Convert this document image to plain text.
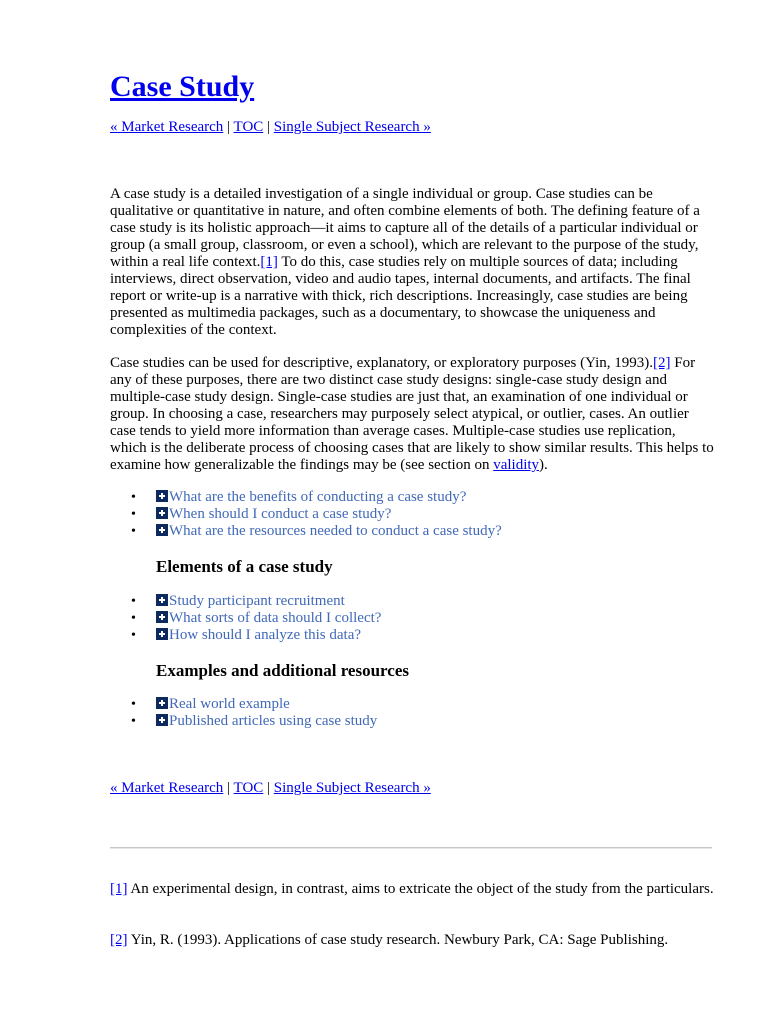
Case Study
« Market Research | TOC | Single Subject Research »

A case study is a detailed investigation of a single individual or group. Case studies can be qualitative or quantitative in nature, and often combine elements of both. The defining feature of a case study is its holistic approach—it aims to capture all of the details of a particular individual or group (a small group, classroom, or even a school), which are relevant to the purpose of the study, within a real life context.[1] To do this, case studies rely on multiple sources of data; including interviews, direct observation, video and audio tapes, internal documents, and artifacts. The final report or write-up is a narrative with thick, rich descriptions. Increasingly, case studies are being presented as multimedia packages, such as a documentary, to showcase the uniqueness and complexities of the context.

Case studies can be used for descriptive, explanatory, or exploratory purposes (Yin, 1993).[2] For any of these purposes, there are two distinct case study designs: single-case study design and multiple-case study design. Single-case studies are just that, an examination of one individual or group. In choosing a case, researchers may purposely select atypical, or outlier, cases. An outlier case tends to yield more information than average cases. Multiple-case studies use replication, which is the deliberate process of choosing cases that are likely to show similar results. This helps to examine how generalizable the findings may be (see section on validity).

• What are the benefits of conducting a case study?
• When should I conduct a case study?
• What are the resources needed to conduct a case study?
Elements of a case study
• Study participant recruitment
• What sorts of data should I collect?
• How should I analyze this data?
Examples and additional resources
• Real world example
• Published articles using case study
« Market Research | TOC | Single Subject Research »

[1] An experimental design, in contrast, aims to extricate the object of the study from the particulars.

[2] Yin, R. (1993). Applications of case study research. Newbury Park, CA: Sage Publishing.
